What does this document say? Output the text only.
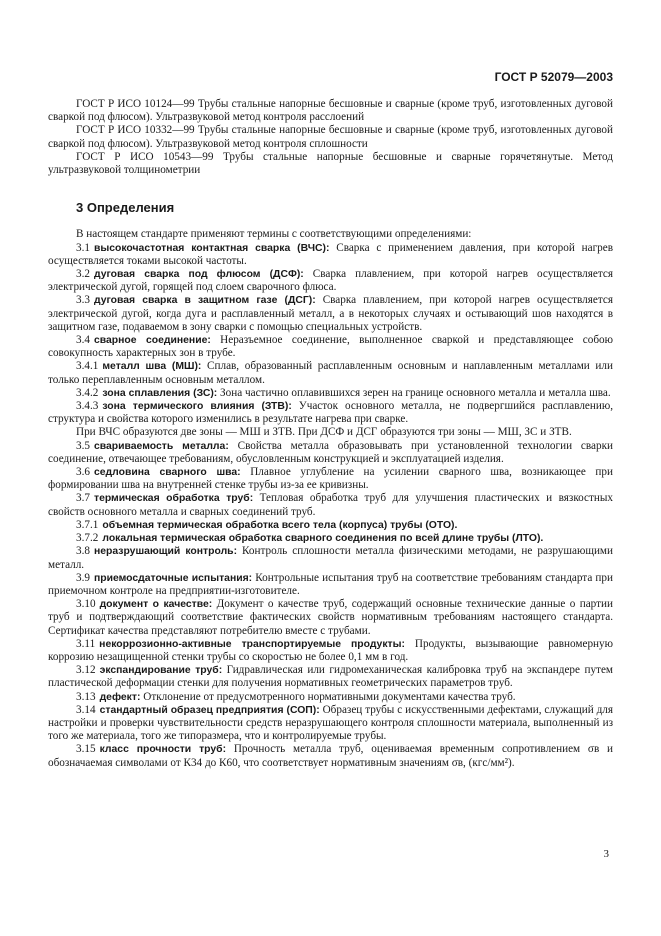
ГОСТ Р 52079—2003

ГОСТ Р ИСО 10124—99 Трубы стальные напорные бесшовные и сварные (кроме труб, изготовленных дуговой сваркой под флюсом). Ультразвуковой метод контроля расслоений

ГОСТ Р ИСО 10332—99 Трубы стальные напорные бесшовные и сварные (кроме труб, изготовленных дуговой сваркой под флюсом). Ультразвуковой метод контроля сплошности

ГОСТ Р ИСО 10543—99 Трубы стальные напорные бесшовные и сварные горячетянутые. Метод ультразвуковой толщинометрии

3 Определения

В настоящем стандарте применяют термины с соответствующими определениями:

3.1 высокочастотная контактная сварка (ВЧС): Сварка с применением давления, при которой нагрев осуществляется токами высокой частоты.

3.2 дуговая сварка под флюсом (ДСФ): Сварка плавлением, при которой нагрев осуществляется электрической дугой, горящей под слоем сварочного флюса.

3.3 дуговая сварка в защитном газе (ДСГ): Сварка плавлением, при которой нагрев осуществляется электрической дугой, когда дуга и расплавленный металл, а в некоторых случаях и остывающий шов находятся в защитном газе, подаваемом в зону сварки с помощью специальных устройств.

3.4 сварное соединение: Неразъемное соединение, выполненное сваркой и представляющее собою совокупность характерных зон в трубе.

3.4.1 металл шва (МШ): Сплав, образованный расплавленным основным и наплавленным металлами или только переплавленным основным металлом.

3.4.2 зона сплавления (ЗС): Зона частично оплавившихся зерен на границе основного металла и металла шва.

3.4.3 зона термического влияния (ЗТВ): Участок основного металла, не подвергшийся расплавлению, структура и свойства которого изменились в результате нагрева при сварке.

При ВЧС образуются две зоны — МШ и ЗТВ. При ДСФ и ДСГ образуются три зоны — МШ, ЗС и ЗТВ.

3.5 свариваемость металла: Свойства металла образовывать при установленной технологии сварки соединение, отвечающее требованиям, обусловленным конструкцией и эксплуатацией изделия.

3.6 седловина сварного шва: Плавное углубление на усилении сварного шва, возникающее при формировании шва на внутренней стенке трубы из-за ее кривизны.

3.7 термическая обработка труб: Тепловая обработка труб для улучшения пластических и вязкостных свойств основного металла и сварных соединений труб.

3.7.1 объемная термическая обработка всего тела (корпуса) трубы (ОТО).

3.7.2 локальная термическая обработка сварного соединения по всей длине трубы (ЛТО).

3.8 неразрушающий контроль: Контроль сплошности металла физическими методами, не разрушающими металл.

3.9 приемосдаточные испытания: Контрольные испытания труб на соответствие требованиям стандарта при приемочном контроле на предприятии-изготовителе.

3.10 документ о качестве: Документ о качестве труб, содержащий основные технические данные о партии труб и подтверждающий соответствие фактических свойств нормативным требованиям настоящего стандарта. Сертификат качества представляют потребителю вместе с трубами.

3.11 некоррозионно-активные транспортируемые продукты: Продукты, вызывающие равномерную коррозию незащищенной стенки трубы со скоростью не более 0,1 мм в год.

3.12 экспандирование труб: Гидравлическая или гидромеханическая калибровка труб на экспандере путем пластической деформации стенки для получения нормативных геометрических параметров труб.

3.13 дефект: Отклонение от предусмотренного нормативными документами качества труб.

3.14 стандартный образец предприятия (СОП): Образец трубы с искусственными дефектами, служащий для настройки и проверки чувствительности средств неразрушающего контроля сплошности материала, выполненный из того же материала, того же типоразмера, что и контролируемые трубы.

3.15 класс прочности труб: Прочность металла труб, оцениваемая временным сопротивлением σв и обозначаемая символами от К34 до К60, что соответствует нормативным значениям σв, (кгс/мм²).

3
